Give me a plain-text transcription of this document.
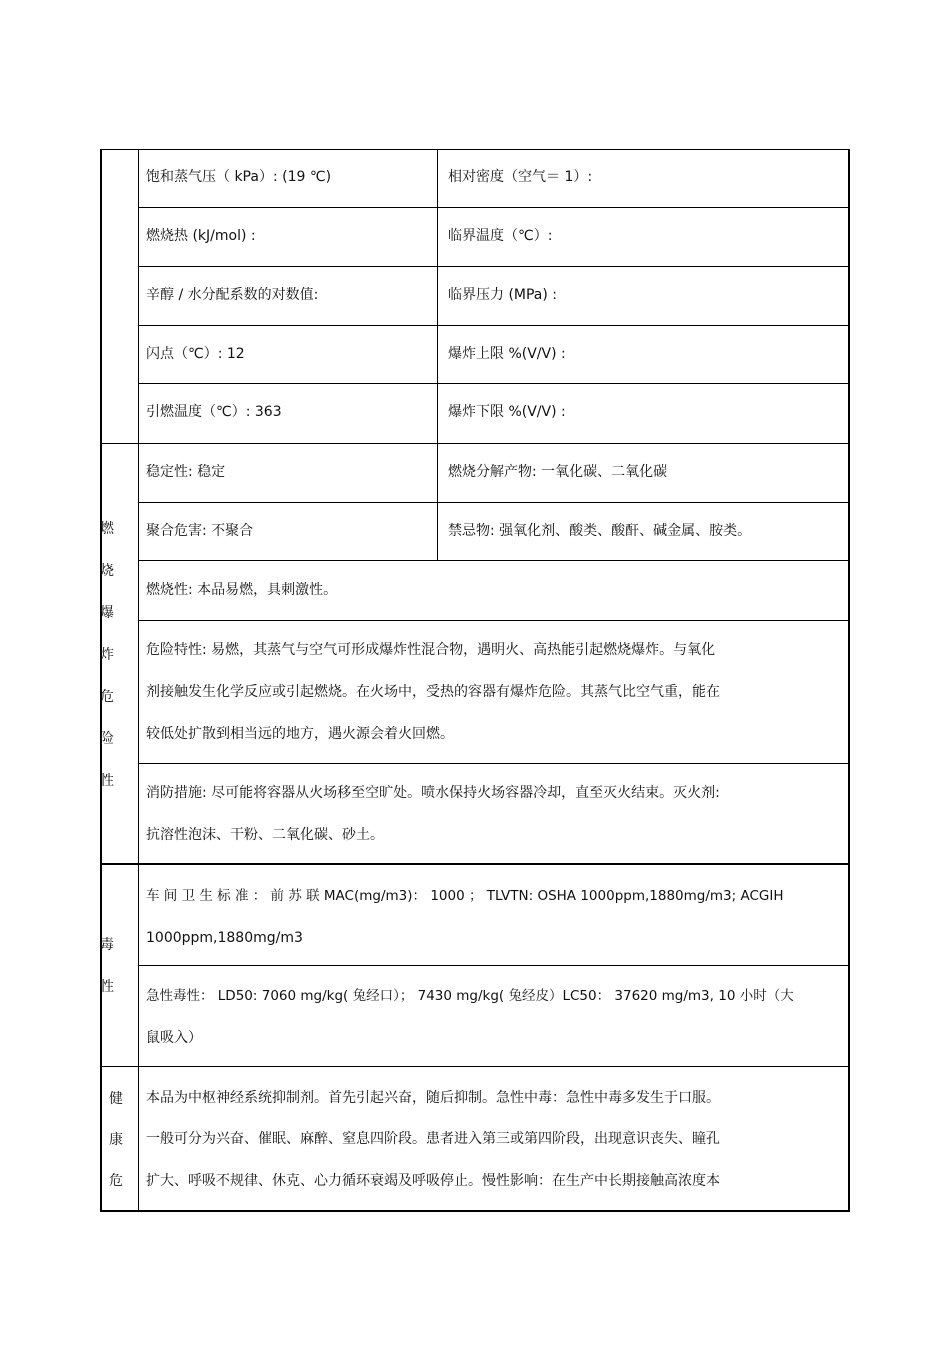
饱和蒸气压（ kPa）: (19 ℃)	相对密度（空气＝ 1）:
燃烧热 (kJ/mol) :	临界温度（℃）:
辛醇 / 水分配系数的对数值:	临界压力 (MPa) :
闪点（℃）: 12	爆炸上限 %(V/V) :
引燃温度（℃）: 363	爆炸下限 %(V/V) :
燃
烧
爆
炸
危
险
性
稳定性: 稳定	燃烧分解产物: 一氧化碳、二氧化碳
聚合危害: 不聚合	禁忌物: 强氧化剂、酸类、酸酐、碱金属、胺类。
燃烧性: 本品易燃，具刺激性。
危险特性: 易燃，其蒸气与空气可形成爆炸性混合物，遇明火、高热能引起燃烧爆炸。与氧化
剂接触发生化学反应或引起燃烧。在火场中，受热的容器有爆炸危险。其蒸气比空气重，能在
较低处扩散到相当远的地方，遇火源会着火回燃。
消防措施: 尽可能将容器从火场移至空旷处。喷水保持火场容器冷却，直至灭火结束。灭火剂:
抗溶性泡沫、干粉、二氧化碳、砂土。
毒
性
车 间 卫 生 标 准 ： 前 苏 联 MAC(mg/m3)： 1000 ； TLVTN: OSHA 1000ppm,1880mg/m3; ACGIH
1000ppm,1880mg/m3
急性毒性： LD50: 7060 mg/kg( 兔经口）； 7430 mg/kg( 兔经皮）LC50： 37620 mg/m3, 10 小时（大
鼠吸入）
健
康
危
本品为中枢神经系统抑制剂。首先引起兴奋，随后抑制。急性中毒：急性中毒多发生于口服。
一般可分为兴奋、催眠、麻醉、窒息四阶段。患者进入第三或第四阶段，出现意识丧失、瞳孔
扩大、呼吸不规律、休克、心力循环衰竭及呼吸停止。慢性影响：在生产中长期接触高浓度本
